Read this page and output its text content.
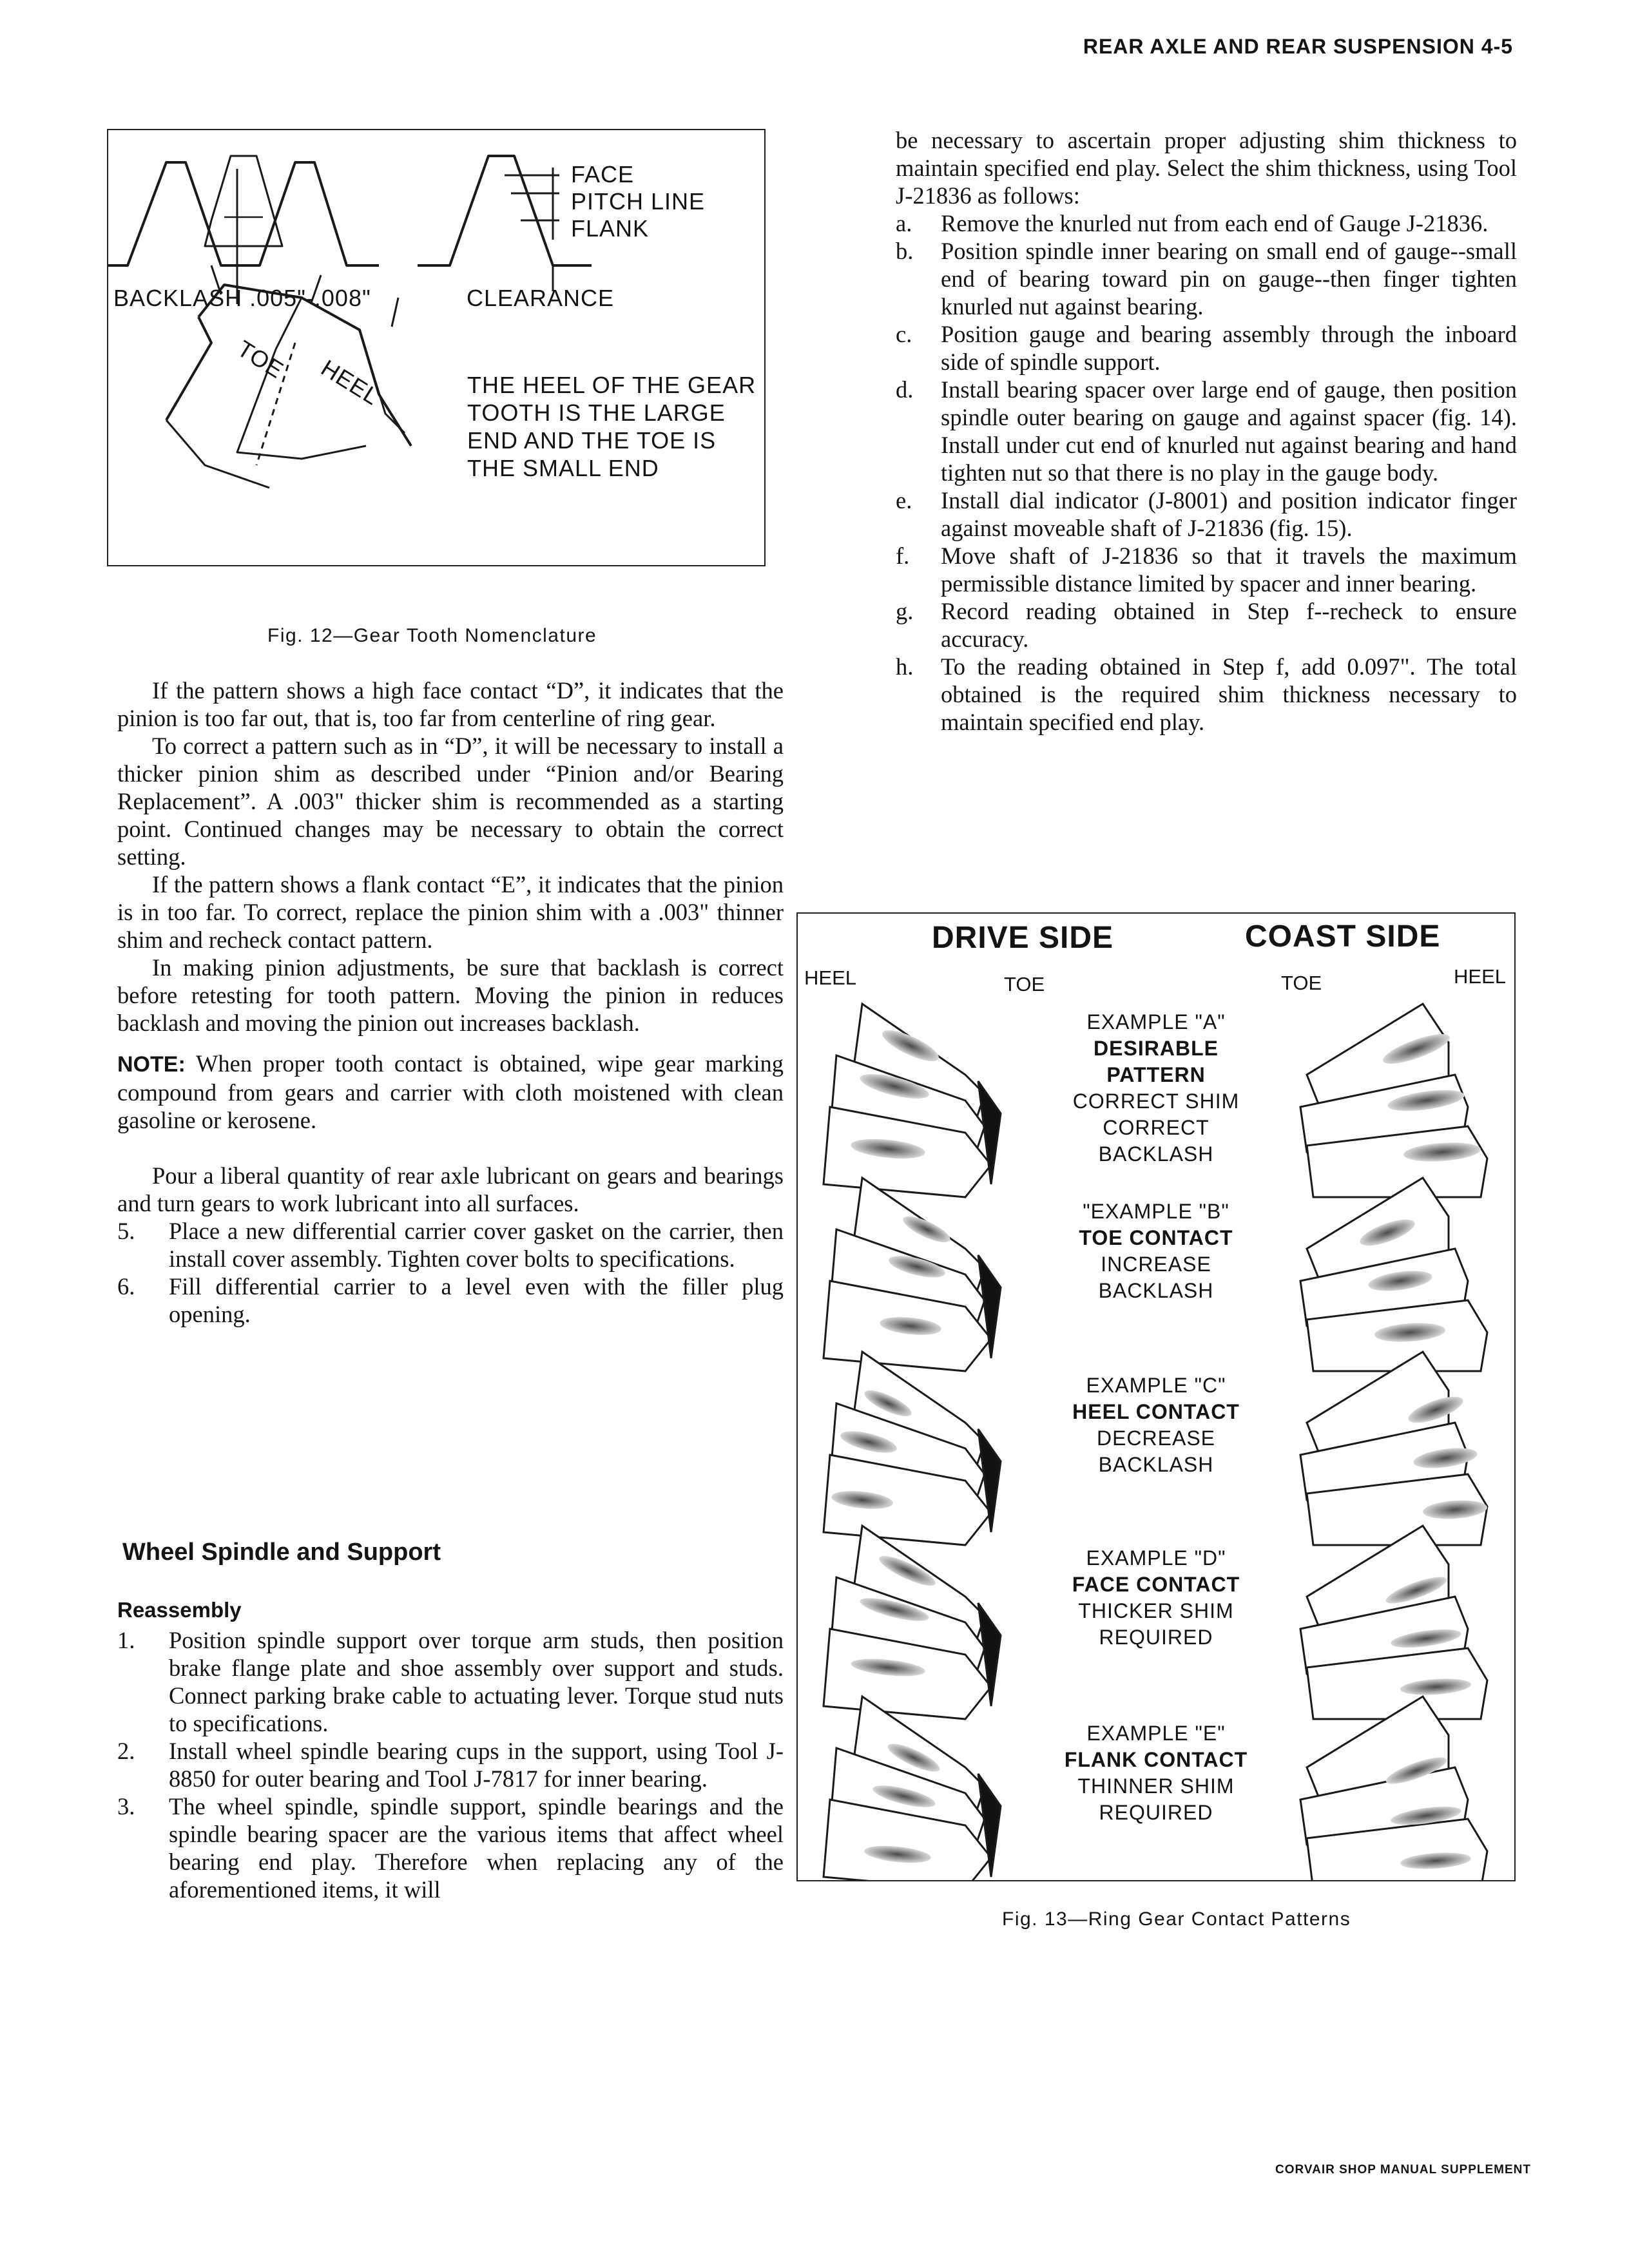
REAR AXLE AND REAR SUSPENSION 4-5
CORVAIR SHOP MANUAL SUPPLEMENT
FACE
PITCH LINE
FLANK
BACKLASH .005"-.008"	CLEARANCE
TOE HEEL	THE HEEL OF THE GEAR
TOOTH IS THE LARGE
END AND THE TOE IS
THE SMALL END
Fig. 12—Gear Tooth Nomenclature

If the pattern shows a high face contact “D”, it indicates that the pinion is too far out, that is, too far from centerline of ring gear.

To correct a pattern such as in “D”, it will be necessary to install a thicker pinion shim as described under “Pinion and/or Bearing Replacement”. A .003" thicker shim is recommended as a starting point. Continued changes may be necessary to obtain the correct setting.

If the pattern shows a flank contact “E”, it indicates that the pinion is in too far. To correct, replace the pinion shim with a .003" thinner shim and recheck contact pattern.

In making pinion adjustments, be sure that backlash is correct before retesting for tooth pattern. Moving the pinion in reduces backlash and moving the pinion out increases backlash.

NOTE: When proper tooth contact is obtained, wipe gear marking compound from gears and carrier with cloth moistened with clean gasoline or kerosene.

Pour a liberal quantity of rear axle lubricant on gears and bearings and turn gears to work lubricant into all surfaces.

5. Place a new differential carrier cover gasket on the carrier, then install cover assembly. Tighten cover bolts to specifications.
6. Fill differential carrier to a level even with the filler plug opening.
Wheel Spindle and Support
Reassembly
1. Position spindle support over torque arm studs, then position brake flange plate and shoe assembly over support and studs. Connect parking brake cable to actuating lever. Torque stud nuts to specifications.
2. Install wheel spindle bearing cups in the support, using Tool J-8850 for outer bearing and Tool J-7817 for inner bearing.
3. The wheel spindle, spindle support, spindle bearings and the spindle bearing spacer are the various items that affect wheel bearing end play. Therefore when replacing any of the aforementioned items, it will

be necessary to ascertain proper adjusting shim thickness to maintain specified end play. Select the shim thickness, using Tool J-21836 as follows:

a. Remove the knurled nut from each end of Gauge J-21836.
b. Position spindle inner bearing on small end of gauge--small end of bearing toward pin on gauge--then finger tighten knurled nut against bearing.
c. Position gauge and bearing assembly through the inboard side of spindle support.
d. Install bearing spacer over large end of gauge, then position spindle outer bearing on gauge and against spacer (fig. 14). Install under cut end of knurled nut against bearing and hand tighten nut so that there is no play in the gauge body.
e. Install dial indicator (J-8001) and position indicator finger against moveable shaft of J-21836 (fig. 15).
f. Move shaft of J-21836 so that it travels the maximum permissible distance limited by spacer and inner bearing.
g. Record reading obtained in Step f--recheck to ensure accuracy.
h. To the reading obtained in Step f, add 0.097". The total obtained is the required shim thickness necessary to maintain specified end play.
DRIVE SIDE	COAST SIDE
HEEL	TOE	TOE	HEEL
EXAMPLE "A"
DESIRABLE PATTERN
CORRECT SHIM
CORRECT BACKLASH
"EXAMPLE "B"
TOE CONTACT
INCREASE BACKLASH
EXAMPLE "C"
HEEL CONTACT
DECREASE BACKLASH
EXAMPLE "D"
FACE CONTACT
THICKER SHIM
REQUIRED
EXAMPLE "E"
FLANK CONTACT
THINNER SHIM
REQUIRED
Fig. 13—Ring Gear Contact Patterns
